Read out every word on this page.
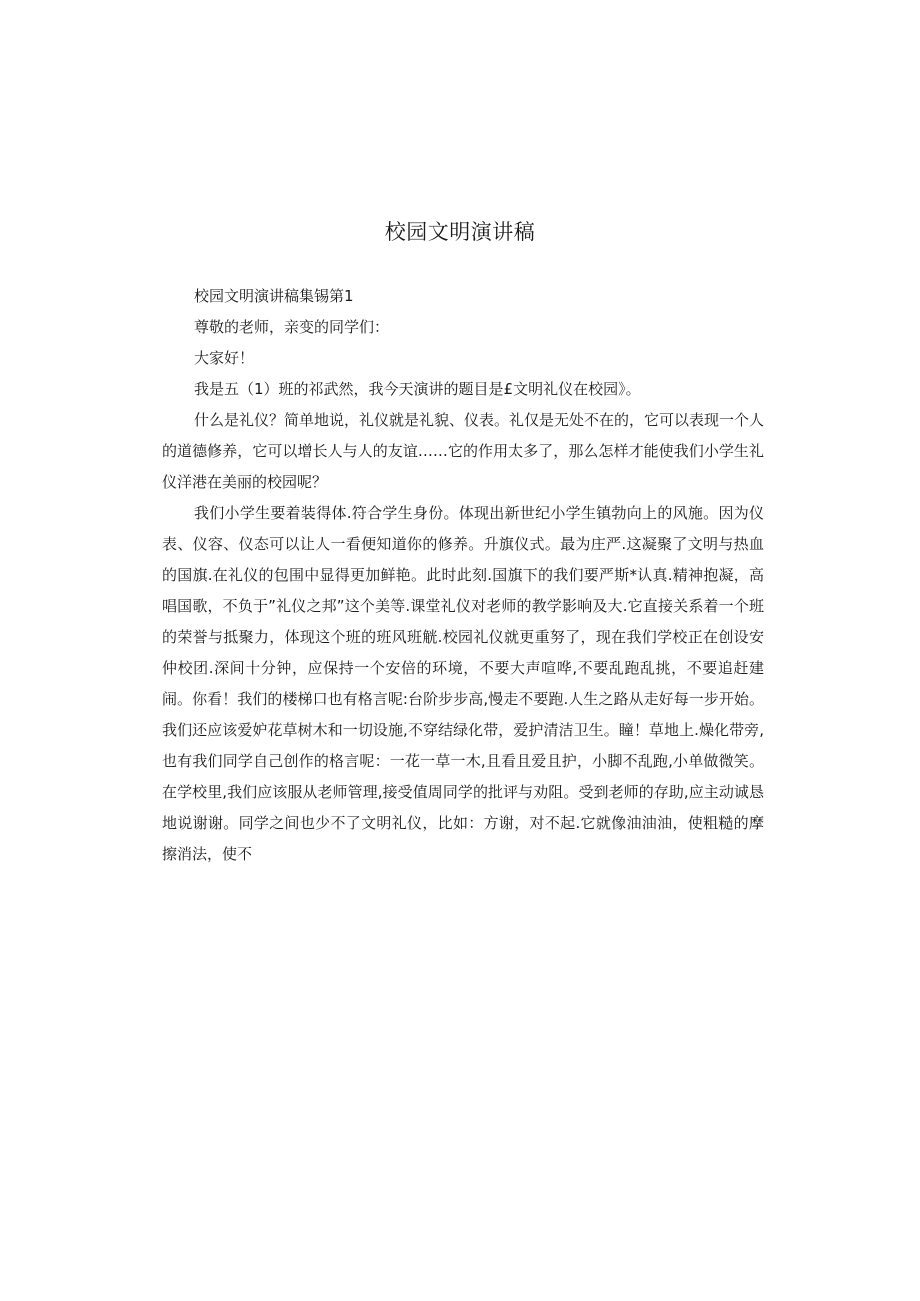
校园文明演讲稿

校园文明演讲稿集锡第1

尊敬的老师，亲变的同学们：

大家好！

我是五（1）班的祁武然，我今天演讲的题目是£文明礼仪在校园》。

什么是礼仪？简单地说，礼仪就是礼貌、仪表。礼仅是无处不在的，它可以表现一个人的道德修养，它可以增长人与人的友谊……它的作用太多了，那么怎样才能使我们小学生礼仪洋港在美丽的校园呢？

我们小学生要着装得体.符合学生身份。体现出新世纪小学生镇勃向上的风施。因为仪表、仪容、仪态可以让人一看便知道你的修养。升旗仪式。最为庄严.这凝聚了文明与热血的国旗.在礼仪的包围中显得更加鲜艳。此时此刻.国旗下的我们要严斯*认真.精神抱凝，高唱国歌，不负于”礼仪之邦”这个美等.课堂礼仪对老师的教学影响及大.它直接关系着一个班的荣誉与抵聚力，体现这个班的班风班觥.校园礼仪就更重努了，现在我们学校正在创设安仲校团.深间十分钟，应保持一个安倍的环境，不要大声喧哗,不要乱跑乱挑，不要追赶建闹。你看！我们的楼梯口也有格言呢:台阶步步高,慢走不要跑.人生之路从走好每一步开始。我们还应该爱妒花草树木和一切设施,不穿结绿化带，爱护清洁卫生。瞳！草地上.燥化带旁,也有我们同学自己创作的格言呢：一花一草一木,且看且爱且护，小脚不乱跑,小单做微笑。在学校里,我们应该服从老师管理,接受值周同学的批评与劝阻。受到老师的存助,应主动诚恳地说谢谢。同学之间也少不了文明礼仪，比如：方谢，对不起.它就像油油油，使粗糙的摩擦消法，使不
